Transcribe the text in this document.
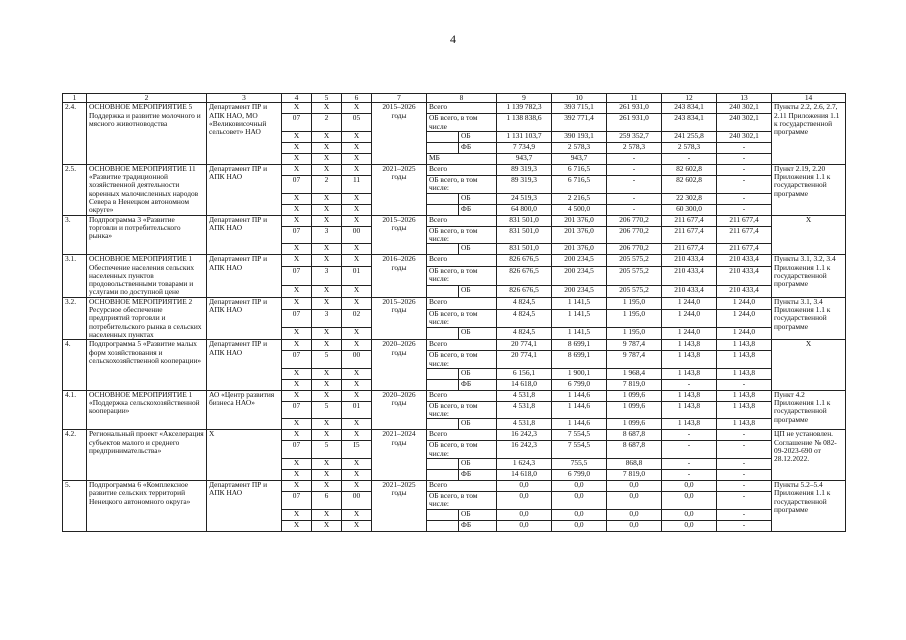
4
1	2	3	4	5	6	7	8		9	10	11	12	13	14
2.4.	ОСНОВНОЕ МЕРОПРИЯТИЕ 5 Поддержка и развитие молочного и мясного животноводства	Департамент ПР и АПК НАО, МО «Великовисочный сельсовет» НАО	Х	Х	Х	2015–2026 годы	Всего		1 139 782,3	393 715,1	261 931,0	243 834,1	240 302,1	Пункты 2.2, 2.6, 2.7, 2.11 Приложения 1.1 к государственной программе
			07	2	05		ОБ всего, в том числе		1 138 838,6	392 771,4	261 931,0	243 834,1	240 302,1	
			Х	Х	Х			ОБ	1 131 103,7	390 193,1	259 352,7	241 255,8	240 302,1	
			Х	Х	Х			ФБ	7 734,9	2 578,3	2 578,3	2 578,3	-	
			Х	Х	Х		МБ		943,7	943,7	-	-	-	
2.5.	ОСНОВНОЕ МЕРОПРИЯТИЕ 11 «Развитие традиционной хозяйственной деятельности коренных малочисленных народов Севера в Ненецком автономном округе»	Департамент ПР и АПК НАО	Х	Х	Х	2021–2025 годы	Всего		89 319,3	6 716,5	-	82 602,8	-	Пункт 2.19, 2.20 Приложения 1.1 к государственной программе
			07	2	11		ОБ всего, в том числе:		89 319,3	6 716,5	-	82 602,8	-	
			Х	Х	Х			ОБ	24 519,3	2 216,5	-	22 302,8	-	
			Х	Х	Х			ФБ	64 800,0	4 500,0	-	60 300,0	-	
3.	Подпрограмма 3 «Развитие торговли и потребительского рынка»	Департамент ПР и АПК НАО	Х	Х	Х	2015–2026 годы	Всего		831 501,0	201 376,0	206 770,2	211 677,4	211 677,4	Х
			07	3	00		ОБ всего, в том числе:		831 501,0	201 376,0	206 770,2	211 677,4	211 677,4	
			Х	Х	Х			ОБ	831 501,0	201 376,0	206 770,2	211 677,4	211 677,4	
3.1.	ОСНОВНОЕ МЕРОПРИЯТИЕ 1 Обеспечение населения сельских населенных пунктов продовольственными товарами и услугами по доступной цене	Департамент ПР и АПК НАО	Х	Х	Х	2016–2026 годы	Всего		826 676,5	200 234,5	205 575,2	210 433,4	210 433,4	Пункты 3.1, 3.2, 3.4 Приложения 1.1 к государственной программе
			07	3	01		ОБ всего, в том числе:		826 676,5	200 234,5	205 575,2	210 433,4	210 433,4	
			Х	Х	Х			ОБ	826 676,5	200 234,5	205 575,2	210 433,4	210 433,4	
3.2.	ОСНОВНОЕ МЕРОПРИЯТИЕ 2 Ресурсное обеспечение предприятий торговли и потребительского рынка в сельских населенных пунктах	Департамент ПР и АПК НАО	Х	Х	Х	2015–2026 годы	Всего		4 824,5	1 141,5	1 195,0	1 244,0	1 244,0	Пункты 3.1, 3.4 Приложения 1.1 к государственной программе
			07	3	02		ОБ всего, в том числе:		4 824,5	1 141,5	1 195,0	1 244,0	1 244,0	
			Х	Х	Х			ОБ	4 824,5	1 141,5	1 195,0	1 244,0	1 244,0	
4.	Подпрограмма 5 «Развитие малых форм хозяйствования и сельскохозяйственной кооперации»	Департамент ПР и АПК НАО	Х	Х	Х	2020–2026 годы	Всего		20 774,1	8 699,1	9 787,4	1 143,8	1 143,8	Х
			07	5	00		ОБ всего, в том числе:		20 774,1	8 699,1	9 787,4	1 143,8	1 143,8	
			Х	Х	Х			ОБ	6 156,1	1 900,1	1 968,4	1 143,8	1 143,8	
			Х	Х	Х			ФБ	14 618,0	6 799,0	7 819,0	-	-	
4.1.	ОСНОВНОЕ МЕРОПРИЯТИЕ 1 «Поддержка сельскохозяйственной кооперации»	АО «Центр развития бизнеса НАО»	Х	Х	Х	2020–2026 годы	Всего		4 531,8	1 144,6	1 099,6	1 143,8	1 143,8	Пункт 4.2 Приложения 1.1 к государственной программе
			07	5	01		ОБ всего, в том числе:		4 531,8	1 144,6	1 099,6	1 143,8	1 143,8	
			Х	Х	Х			ОБ	4 531,8	1 144,6	1 099,6	1 143,8	1 143,8	
4.2.	Региональный проект «Акселерация субъектов малого и среднего предпринимательства»	Х	Х	Х	Х	2021–2024 годы	Всего		16 242,3	7 554,5	8 687,8	-	-	ЦП не установлен. Соглашение № 082-09-2023-690 от 28.12.2022.
			07	5	I5		ОБ всего, в том числе:		16 242,3	7 554,5	8 687,8	-	-	
			Х	Х	Х			ОБ	1 624,3	755,5	868,8	-	-	
			Х	Х	Х			ФБ	14 618,0	6 799,0	7 819,0	-	-	
5.	Подпрограмма 6 «Комплексное развитие сельских территорий Ненецкого автономного округа»	Департамент ПР и АПК НАО	Х	Х	Х	2021–2025 годы	Всего		0,0	0,0	0,0	0,0	-	Пункты 5.2–5.4 Приложения 1.1 к государственной программе
			07	6	00		ОБ всего, в том числе:		0,0	0,0	0,0	0,0	-	
			Х	Х	Х			ОБ	0,0	0,0	0,0	0,0	-	
			Х	Х	Х			ФБ	0,0	0,0	0,0	0,0	-	
